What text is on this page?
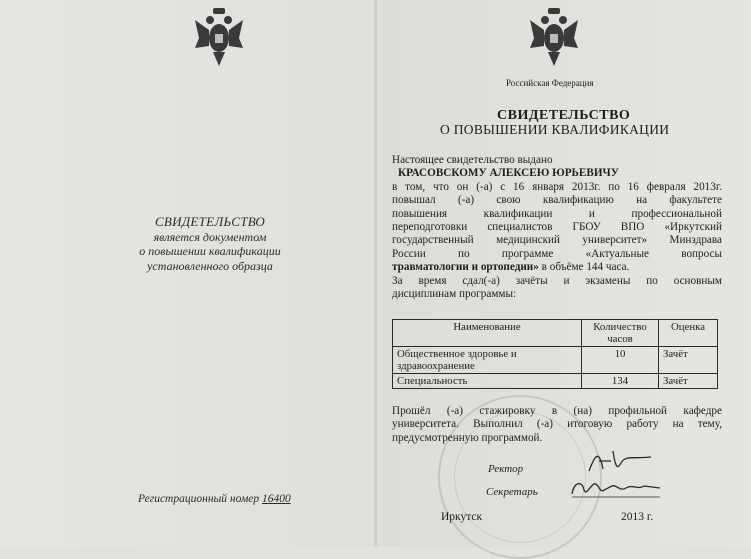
СВИДЕТЕЛЬСТВО
является документом
о повышении квалификации
установленного образца
Регистрационный номер 16400
Российская Федерация
СВИДЕТЕЛЬСТВО
О ПОВЫШЕНИИ КВАЛИФИКАЦИИ

Настоящее свидетельство выдано

КРАСОВСКОМУ АЛЕКСЕЮ ЮРЬЕВИЧУ

в том, что он (-а) с 16 января 2013г. по 16 февраля 2013г.

повышал (-а) свою квалификацию на факультете

повышения квалификации и профессиональной

переподготовки специалистов ГБОУ ВПО «Иркутский

государственный медицинский университет» Минздрава

России по программе «Актуальные вопросы

травматологии и ортопедии» в объёме 144 часа.

За время сдал(-а) зачёты и экзамены по основным

дисциплинам программы:

Наименование	Количество часов	Оценка
Общественное здоровье и здравоохранение	10	Зачёт
Специальность	134	Зачёт

Прошёл (-а) стажировку в (на) профильной кафедре

университета. Выполнил (-а) итоговую работу на тему,

предусмотренную программой.

Ректор
Секретарь
Иркутск	2013 г.
